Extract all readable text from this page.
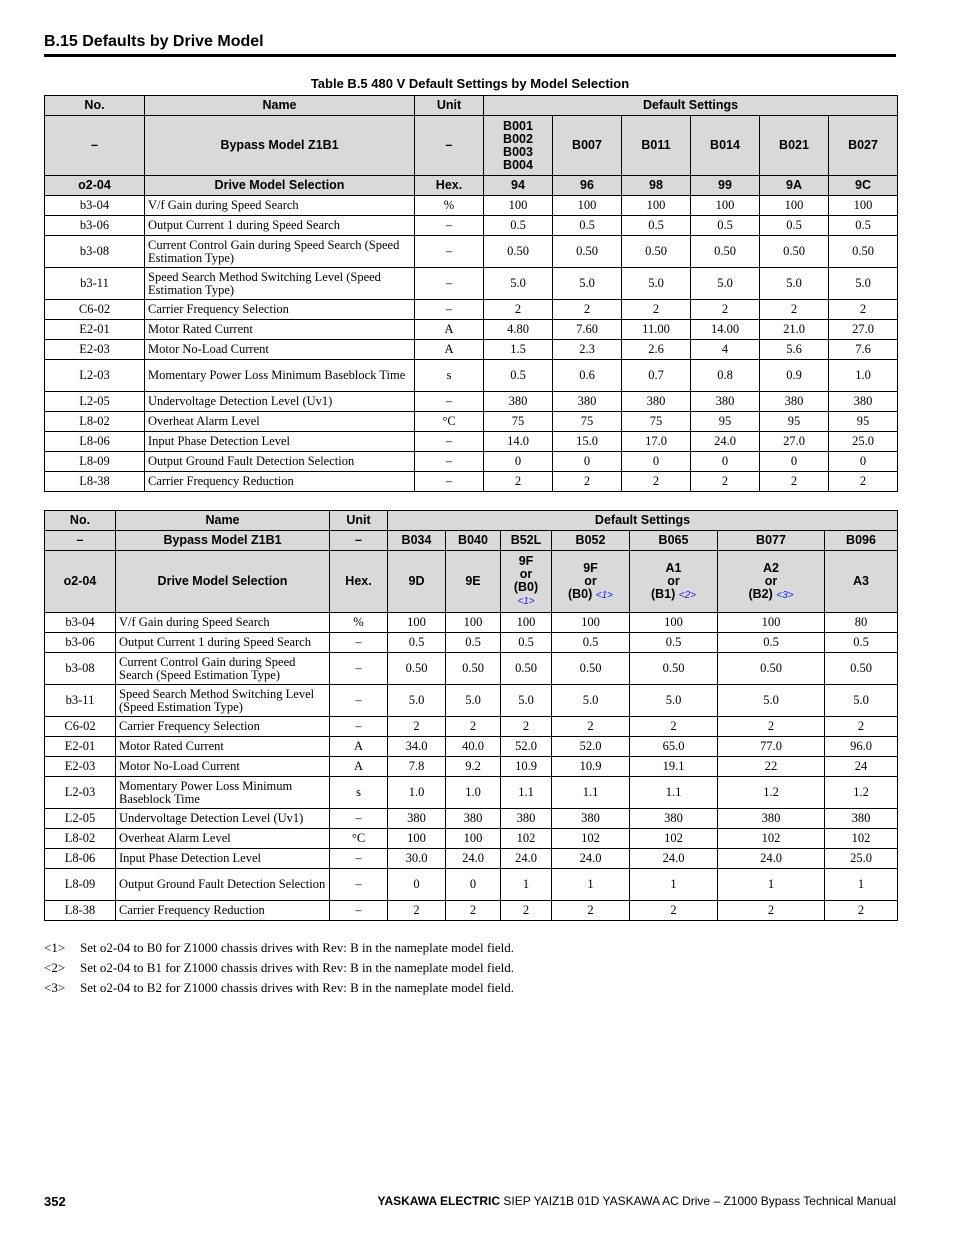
B.15 Defaults by Drive Model
Table B.5 480 V Default Settings by Model Selection
No.	Name	Unit	Default Settings					
–	Bypass Model Z1B1	–	B001
B002
B003
B004	B007	B011	B014	B021	B027
o2-04	Drive Model Selection	Hex.	94	96	98	99	9A	9C
b3-04	V/f Gain during Speed Search	%	100	100	100	100	100	100
b3-06	Output Current 1 during Speed Search	–	0.5	0.5	0.5	0.5	0.5	0.5
b3-08	Current Control Gain during Speed Search (Speed Estimation Type)	–	0.50	0.50	0.50	0.50	0.50	0.50
b3-11	Speed Search Method Switching Level (Speed Estimation Type)	–	5.0	5.0	5.0	5.0	5.0	5.0
C6-02	Carrier Frequency Selection	–	2	2	2	2	2	2
E2-01	Motor Rated Current	A	4.80	7.60	11.00	14.00	21.0	27.0
E2-03	Motor No-Load Current	A	1.5	2.3	2.6	4	5.6	7.6
L2-03	Momentary Power Loss Minimum Baseblock Time	s	0.5	0.6	0.7	0.8	0.9	1.0
L2-05	Undervoltage Detection Level (Uv1)	–	380	380	380	380	380	380
L8-02	Overheat Alarm Level	°C	75	75	75	95	95	95
L8-06	Input Phase Detection Level	–	14.0	15.0	17.0	24.0	27.0	25.0
L8-09	Output Ground Fault Detection Selection	–	0	0	0	0	0	0
L8-38	Carrier Frequency Reduction	–	2	2	2	2	2	2
No.	Name	Unit	Default Settings						
–	Bypass Model Z1B1	–	B034	B040	B52L	B052	B065	B077	B096
o2-04	Drive Model Selection	Hex.	9D	9E	9F
or
(B0) <1>	9F
or
(B0) <1>	A1
or
(B1) <2>	A2
or
(B2) <3>	A3
b3-04	V/f Gain during Speed Search	%	100	100	100	100	100	100	80
b3-06	Output Current 1 during Speed Search	–	0.5	0.5	0.5	0.5	0.5	0.5	0.5
b3-08	Current Control Gain during Speed Search (Speed Estimation Type)	–	0.50	0.50	0.50	0.50	0.50	0.50	0.50
b3-11	Speed Search Method Switching Level (Speed Estimation Type)	–	5.0	5.0	5.0	5.0	5.0	5.0	5.0
C6-02	Carrier Frequency Selection	–	2	2	2	2	2	2	2
E2-01	Motor Rated Current	A	34.0	40.0	52.0	52.0	65.0	77.0	96.0
E2-03	Motor No-Load Current	A	7.8	9.2	10.9	10.9	19.1	22	24
L2-03	Momentary Power Loss Minimum Baseblock Time	s	1.0	1.0	1.1	1.1	1.1	1.2	1.2
L2-05	Undervoltage Detection Level (Uv1)	–	380	380	380	380	380	380	380
L8-02	Overheat Alarm Level	°C	100	100	102	102	102	102	102
L8-06	Input Phase Detection Level	–	30.0	24.0	24.0	24.0	24.0	24.0	25.0
L8-09	Output Ground Fault Detection Selection	–	0	0	1	1	1	1	1
L8-38	Carrier Frequency Reduction	–	2	2	2	2	2	2	2
<1> Set o2-04 to B0 for Z1000 chassis drives with Rev: B in the nameplate model field.
<2> Set o2-04 to B1 for Z1000 chassis drives with Rev: B in the nameplate model field.
<3> Set o2-04 to B2 for Z1000 chassis drives with Rev: B in the nameplate model field.
352	YASKAWA ELECTRIC SIEP YAIZ1B 01D YASKAWA AC Drive – Z1000 Bypass Technical Manual
